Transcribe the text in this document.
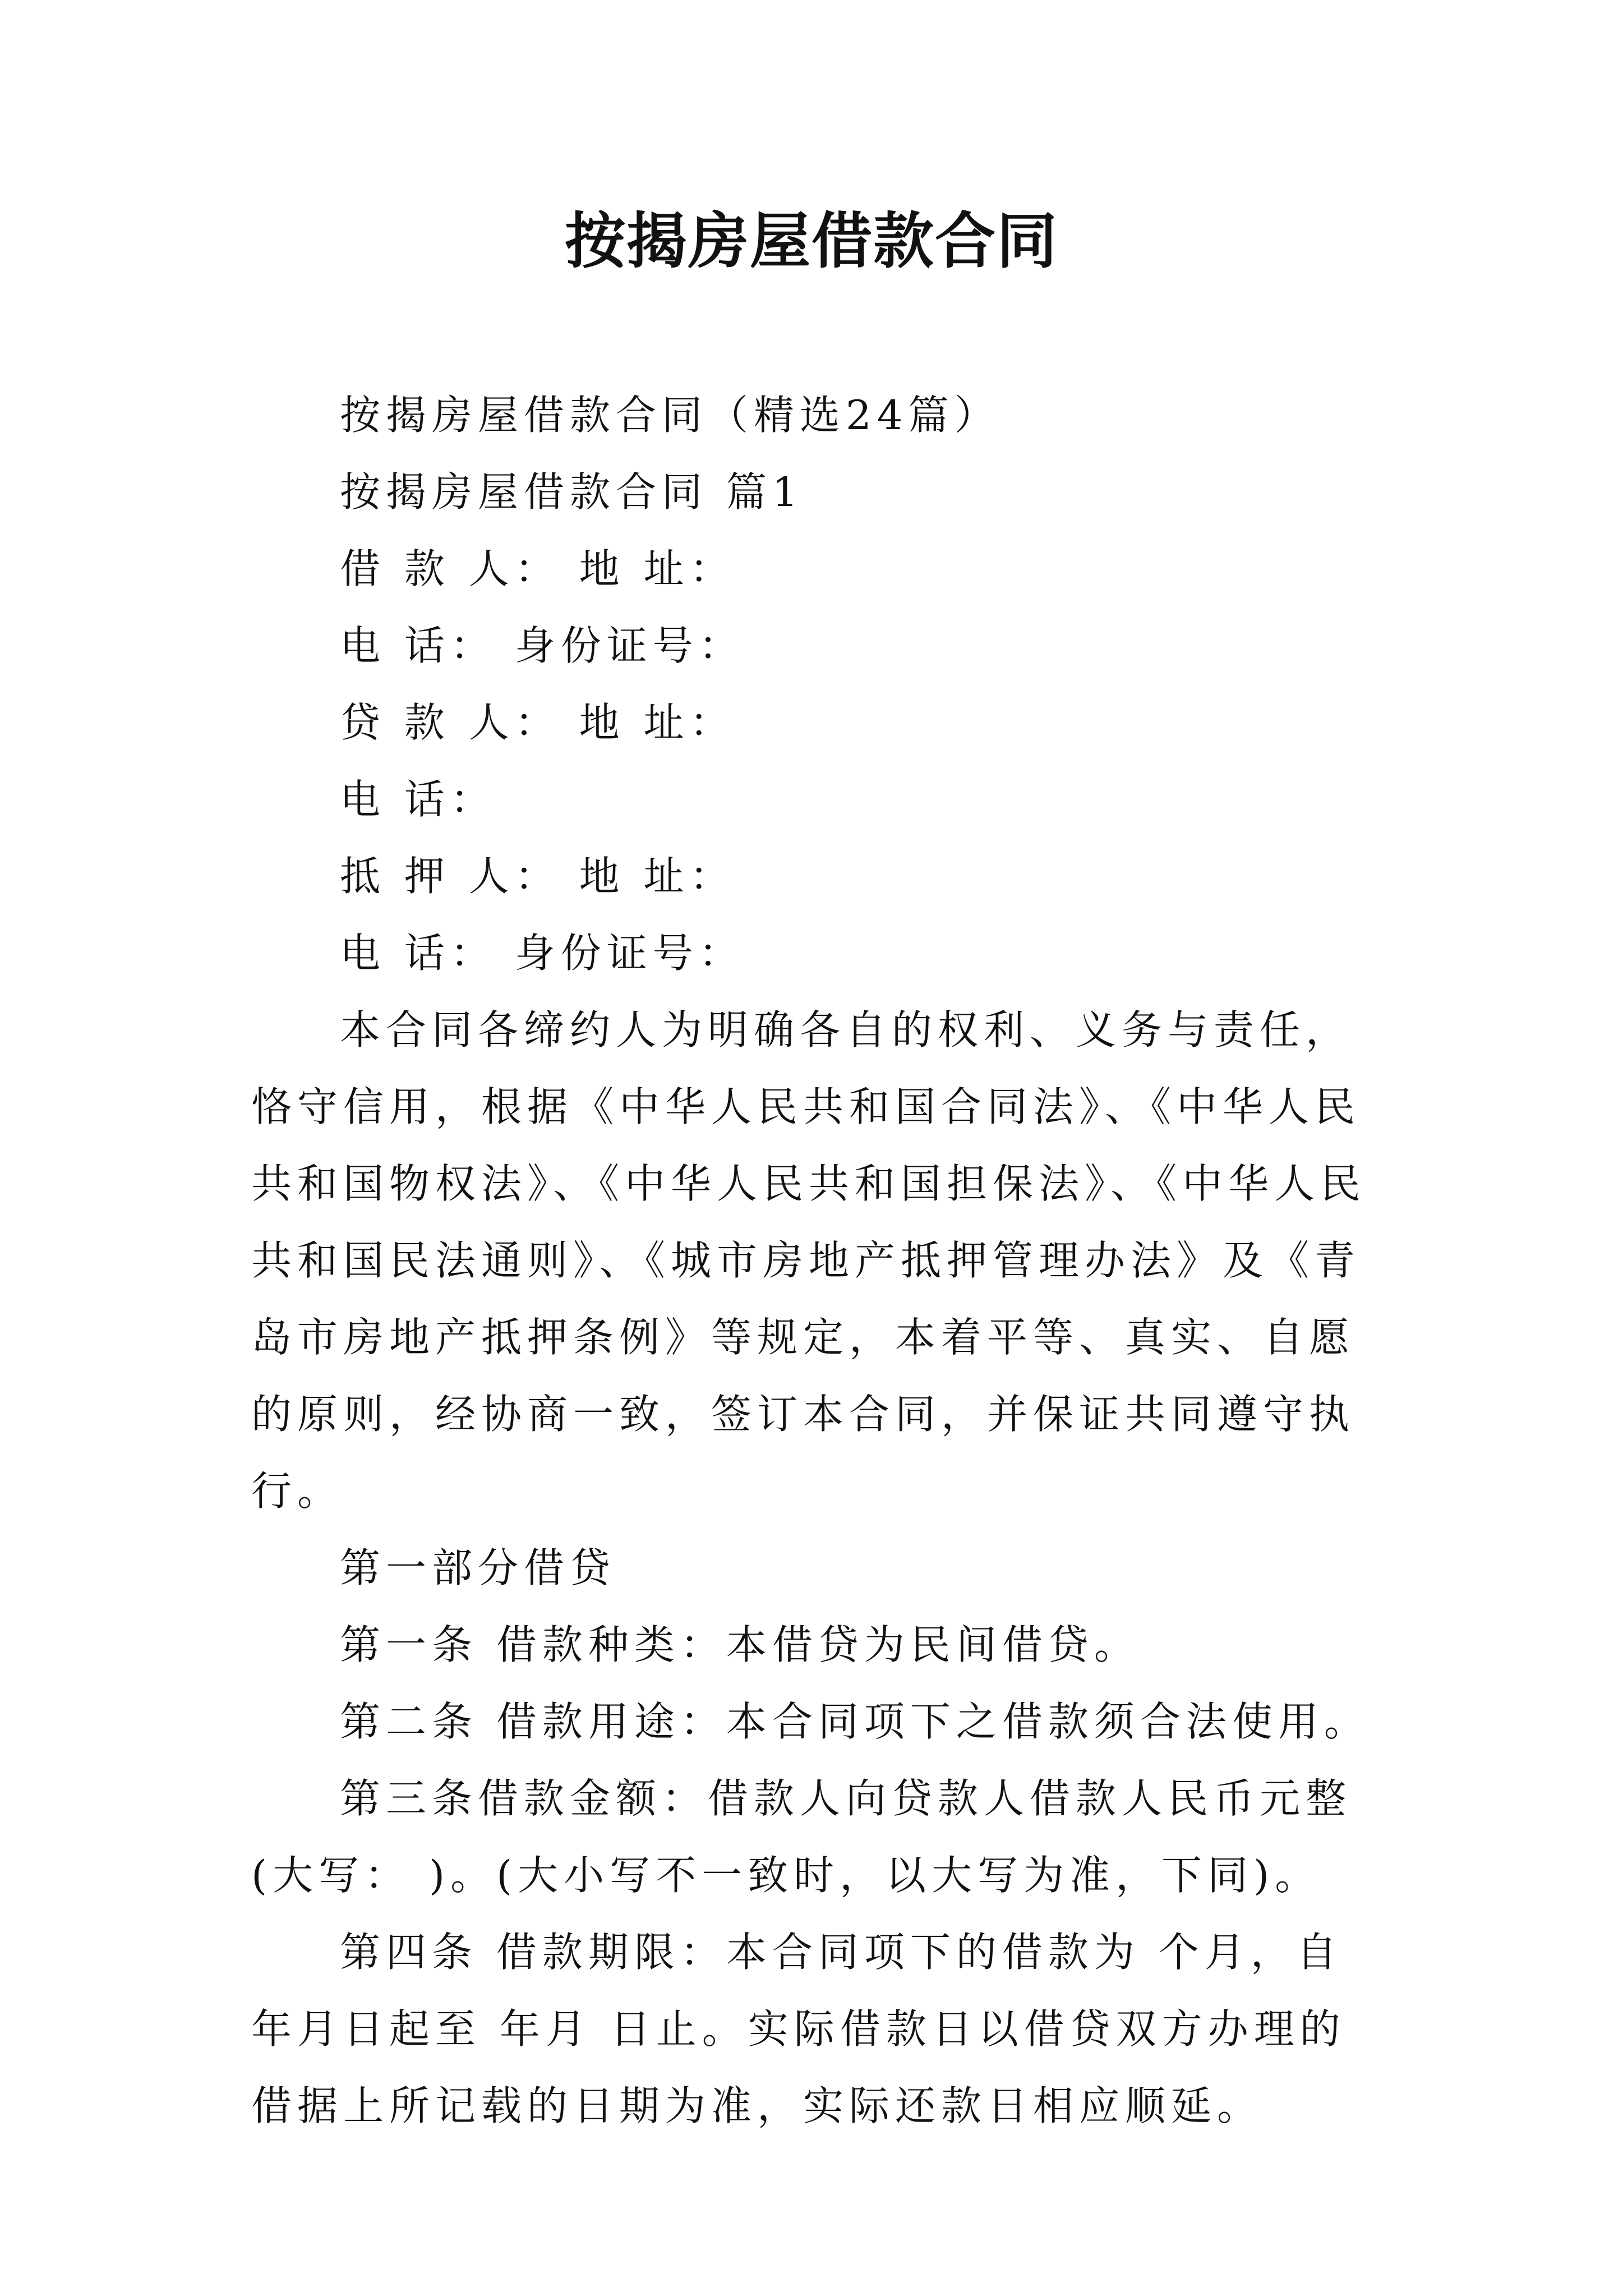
按揭房屋借款合同

按揭房屋借款合同（精选24篇）

按揭房屋借款合同 篇1

借 款 人： 地 址：

电 话： 身份证号：

贷 款 人： 地 址：

电 话：

抵 押 人： 地 址：

电 话： 身份证号：

本合同各缔约人为明确各自的权利、义务与责任，恪守信用，根据《中华人民共和国合同法》、《中华人民共和国物权法》、《中华人民共和国担保法》、《中华人民共和国民法通则》、《城市房地产抵押管理办法》及《青岛市房地产抵押条例》等规定，本着平等、真实、自愿的原则，经协商一致，签订本合同，并保证共同遵守执行。

第一部分借贷

第一条 借款种类：本借贷为民间借贷。

第二条 借款用途：本合同项下之借款须合法使用。

第三条借款金额：借款人向贷款人借款人民币元整(大写： )。(大小写不一致时，以大写为准，下同)。

第四条 借款期限：本合同项下的借款为 个月，自 年月日起至 年月 日止。实际借款日以借贷双方办理的借据上所记载的日期为准，实际还款日相应顺延。
